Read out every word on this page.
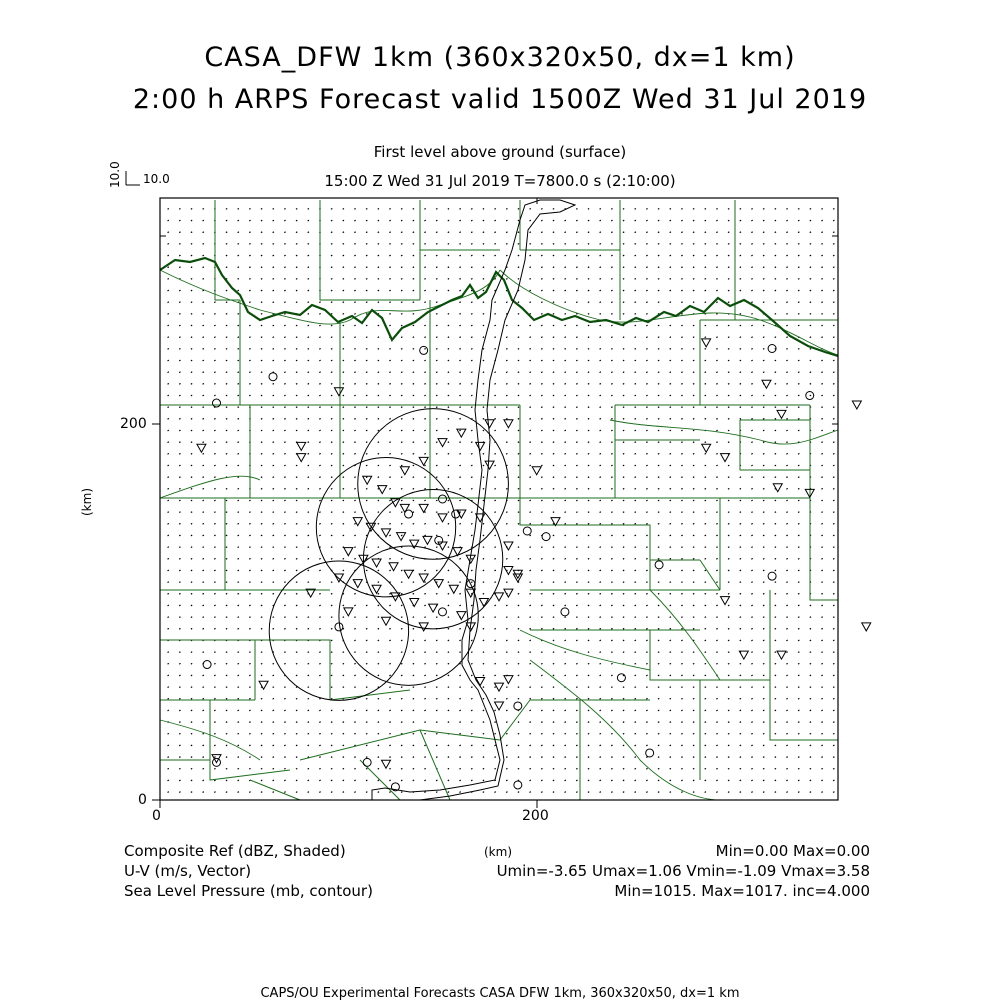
CASA_DFW 1km (360x320x50, dx=1 km)
2:00 h ARPS Forecast valid 1500Z Wed 31 Jul 2019
First level above ground (surface)
15:00 Z Wed 31 Jul 2019 T=7800.0 s (2:10:00)
10.0
10.0
0	200
0
200
(km)
(km)
Composite Ref (dBZ, Shaded)	Min=0.00 Max=0.00
U-V (m/s, Vector)	Umin=-3.65 Umax=1.06 Vmin=-1.09 Vmax=3.58
Sea Level Pressure (mb, contour)	Min=1015. Max=1017. inc=4.000
CAPS/OU Experimental Forecasts CASA DFW 1km, 360x320x50, dx=1 km
